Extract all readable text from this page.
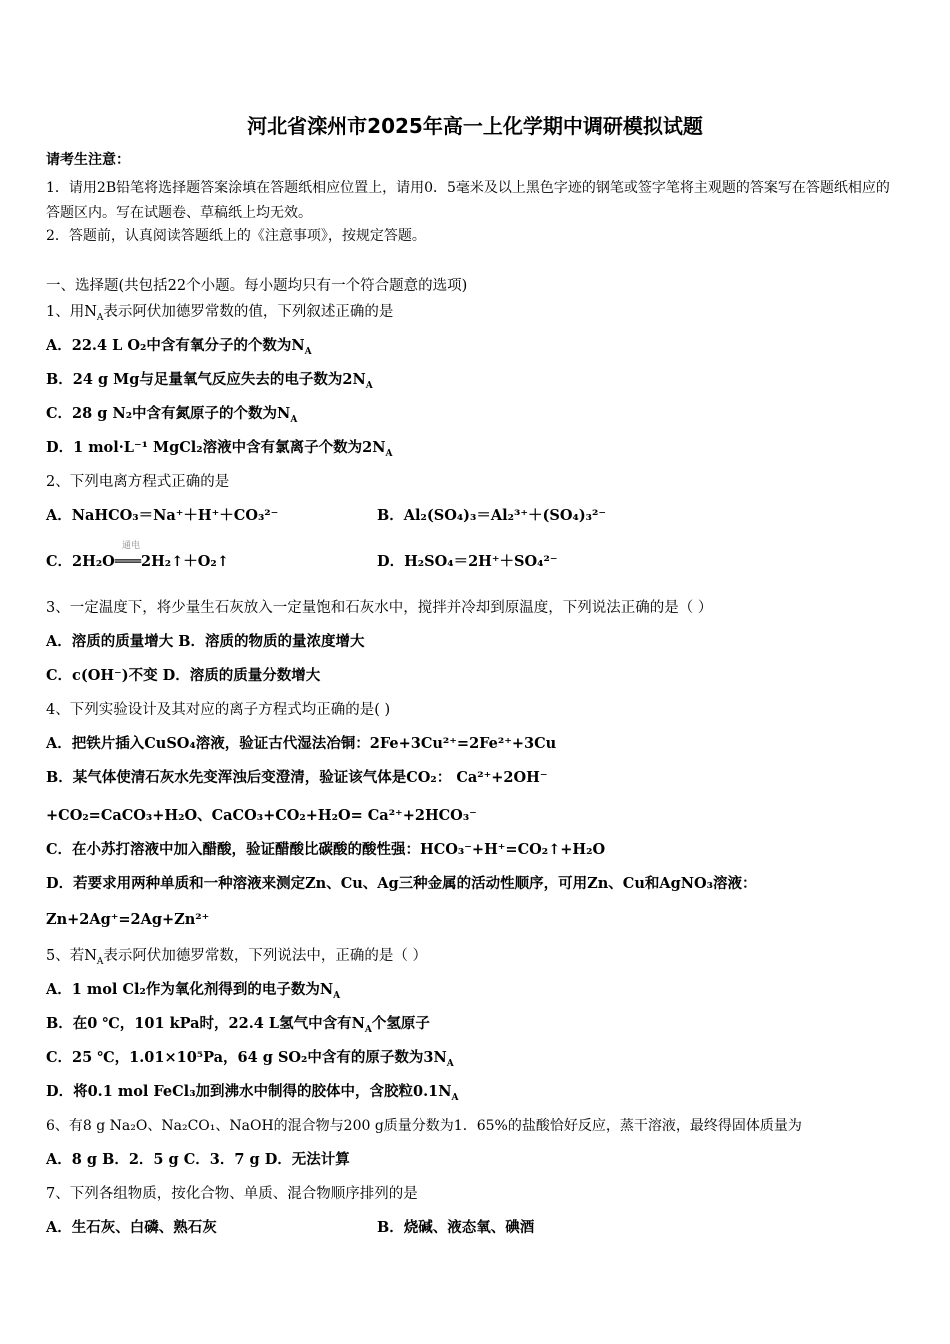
河北省滦州市2025年高一上化学期中调研模拟试题
请考生注意：
1．请用2B铅笔将选择题答案涂填在答题纸相应位置上，请用0．5毫米及以上黑色字迹的钢笔或签字笔将主观题的答案写在答题纸相应的答题区内。写在试题卷、草稿纸上均无效。
2．答题前，认真阅读答题纸上的《注意事项》，按规定答题。
一、选择题(共包括22个小题。每小题均只有一个符合题意的选项)
1、用$N_A$表示阿伏加德罗常数的值，下列叙述正确的是
A．22.4 L O₂中含有氧分子的个数为$N_A$
B．24 g Mg与足量氧气反应失去的电子数为$2N_A$
C．28 g N₂中含有氮原子的个数为$N_A$
D．1 mol·L⁻¹ MgCl₂溶液中含有氯离子个数为$2N_A$
2、下列电离方程式正确的是
A．NaHCO₃＝Na⁺＋H⁺＋CO₃²⁻	B．Al₂(SO₄)₃＝Al₂³⁺＋(SO₄)₃²⁻
通电
C．2H₂O═══2H₂↑＋O₂↑	D．H₂SO₄＝2H⁺＋SO₄²⁻
3、一定温度下，将少量生石灰放入一定量饱和石灰水中，搅拌并冷却到原温度，下列说法正确的是（ ）
A．溶质的质量增大 B．溶质的物质的量浓度增大
C．c(OH⁻)不变 D．溶质的质量分数增大
4、下列实验设计及其对应的离子方程式均正确的是( )
A．把铁片插入CuSO₄溶液，验证古代湿法冶铜：2Fe+3Cu²⁺=2Fe²⁺+3Cu
B．某气体使清石灰水先变浑浊后变澄清，验证该气体是CO₂： Ca²⁺+2OH⁻
+CO₂=CaCO₃+H₂O、CaCO₃+CO₂+H₂O= Ca²⁺+2HCO₃⁻
C．在小苏打溶液中加入醋酸，验证醋酸比碳酸的酸性强：HCO₃⁻+H⁺=CO₂↑+H₂O
D．若要求用两种单质和一种溶液来测定Zn、Cu、Ag三种金属的活动性顺序，可用Zn、Cu和AgNO₃溶液：
Zn+2Ag⁺=2Ag+Zn²⁺
5、若$N_A$表示阿伏加德罗常数，下列说法中，正确的是（ ）
A．1 mol Cl₂作为氧化剂得到的电子数为$N_A$
B．在0 ℃，101 kPa时，22.4 L氢气中含有$N_A$个氢原子
C．25 ℃，1.01×10⁵Pa，64 g SO₂中含有的原子数为$3N_A$
D．将0.1 mol FeCl₃加到沸水中制得的胶体中，含胶粒$0.1N_A$
6、有8 g Na₂O、Na₂CO₁、NaOH的混合物与200 g质量分数为1．65%的盐酸恰好反应，蒸干溶液，最终得固体质量为
A．8 g B．2．5 g C．3．7 g D．无法计算
7、下列各组物质，按化合物、单质、混合物顺序排列的是
A．生石灰、白磷、熟石灰	B．烧碱、液态氧、碘酒
